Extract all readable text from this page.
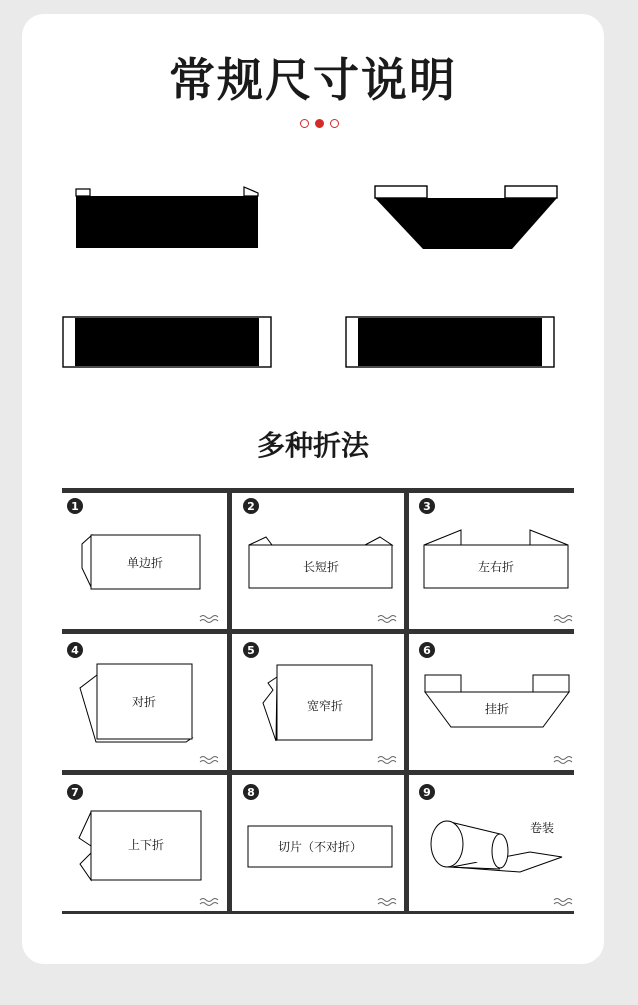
常规尺寸说明
多种折法
1
单边折
2
长短折
3
左右折
4
对折
5
宽窄折
6
挂折
7
上下折
8
切片（不对折）
9
卷装
